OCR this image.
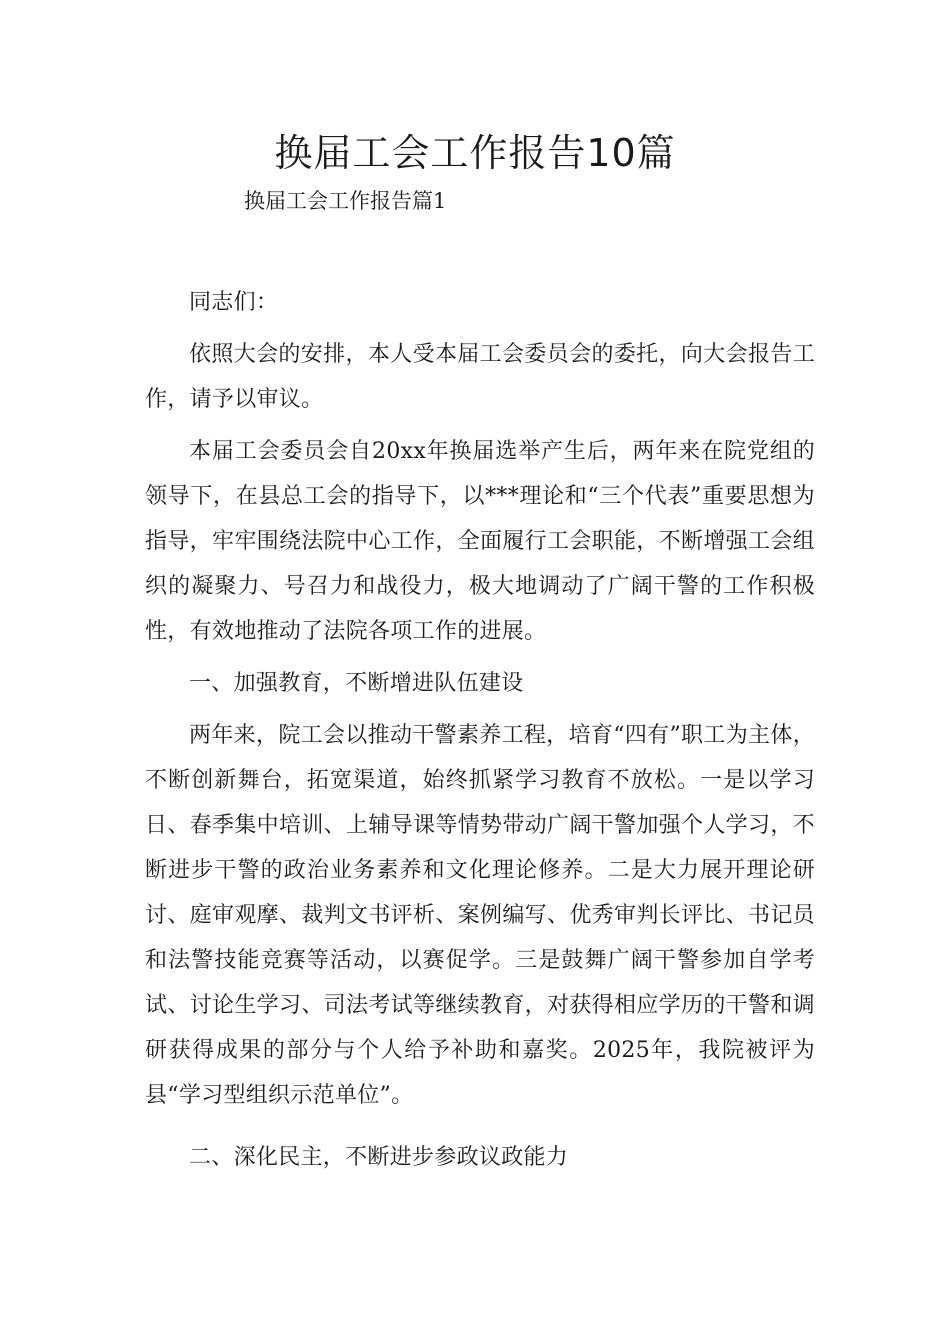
换届工会工作报告10篇
换届工会工作报告篇1

同志们：

依照大会的安排，本人受本届工会委员会的委托，向大会报告工作，请予以审议。

本届工会委员会自20xx年换届选举产生后，两年来在院党组的领导下，在县总工会的指导下，以***理论和“三个代表”重要思想为指导，牢牢围绕法院中心工作，全面履行工会职能，不断增强工会组织的凝聚力、号召力和战役力，极大地调动了广阔干警的工作积极性，有效地推动了法院各项工作的进展。

一、加强教育，不断增进队伍建设

两年来，院工会以推动干警素养工程，培育“四有”职工为主体，不断创新舞台，拓宽渠道，始终抓紧学习教育不放松。一是以学习日、春季集中培训、上辅导课等情势带动广阔干警加强个人学习，不断进步干警的政治业务素养和文化理论修养。二是大力展开理论研讨、庭审观摩、裁判文书评析、案例编写、优秀审判长评比、书记员和法警技能竞赛等活动，以赛促学。三是鼓舞广阔干警参加自学考试、讨论生学习、司法考试等继续教育，对获得相应学历的干警和调研获得成果的部分与个人给予补助和嘉奖。2025年，我院被评为县“学习型组织示范单位”。

二、深化民主，不断进步参政议政能力
